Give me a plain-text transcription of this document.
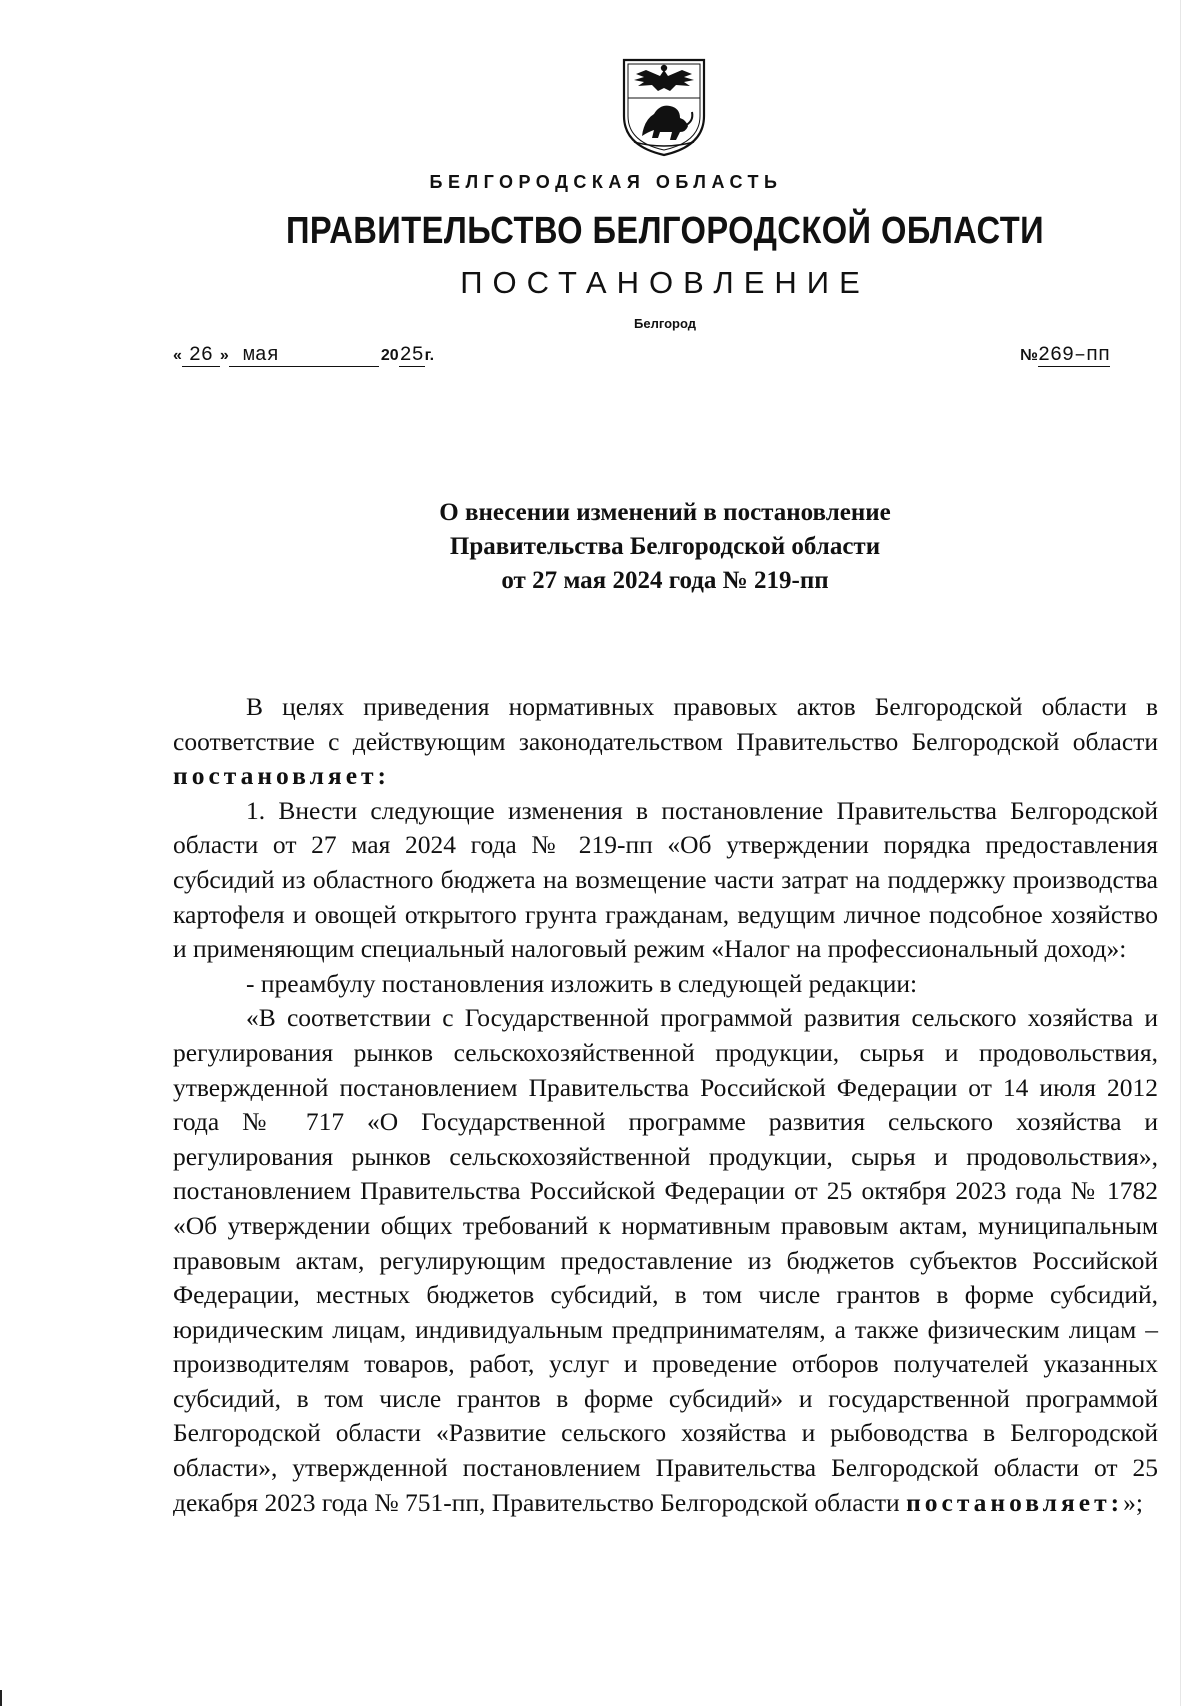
БЕЛГОРОДСКАЯ ОБЛАСТЬ
ПРАВИТЕЛЬСТВО БЕЛГОРОДСКОЙ ОБЛАСТИ
ПОСТАНОВЛЕНИЕ
Белгород
« 26 » мая	2025г.	№269–пп
О внесении изменений в постановление
Правительства Белгородской области
от 27 мая 2024 года № 219-пп

В целях приведения нормативных правовых актов Белгородской области в соответствие с действующим законодательством Правительство Белгородской области постановляет:

1. Внести следующие изменения в постановление Правительства Белгородской области от 27 мая 2024 года № 219-пп «Об утверждении порядка предоставления субсидий из областного бюджета на возмещение части затрат на поддержку производства картофеля и овощей открытого грунта гражданам, ведущим личное подсобное хозяйство и применяющим специальный налоговый режим «Налог на профессиональный доход»:

- преамбулу постановления изложить в следующей редакции:

«В соответствии с Государственной программой развития сельского хозяйства и регулирования рынков сельскохозяйственной продукции, сырья и продовольствия, утвержденной постановлением Правительства Российской Федерации от 14 июля 2012 года № 717 «О Государственной программе развития сельского хозяйства и регулирования рынков сельскохозяйственной продукции, сырья и продовольствия», постановлением Правительства Российской Федерации от 25 октября 2023 года № 1782 «Об утверждении общих требований к нормативным правовым актам, муниципальным правовым актам, регулирующим предоставление из бюджетов субъектов Российской Федерации, местных бюджетов субсидий, в том числе грантов в форме субсидий, юридическим лицам, индивидуальным предпринимателям, а также физическим лицам – производителям товаров, работ, услуг и проведение отборов получателей указанных субсидий, в том числе грантов в форме субсидий» и государственной программой Белгородской области «Развитие сельского хозяйства и рыбоводства в Белгородской области», утвержденной постановлением Правительства Белгородской области от 25 декабря 2023 года № 751-пп, Правительство Белгородской области постановляет:»;
